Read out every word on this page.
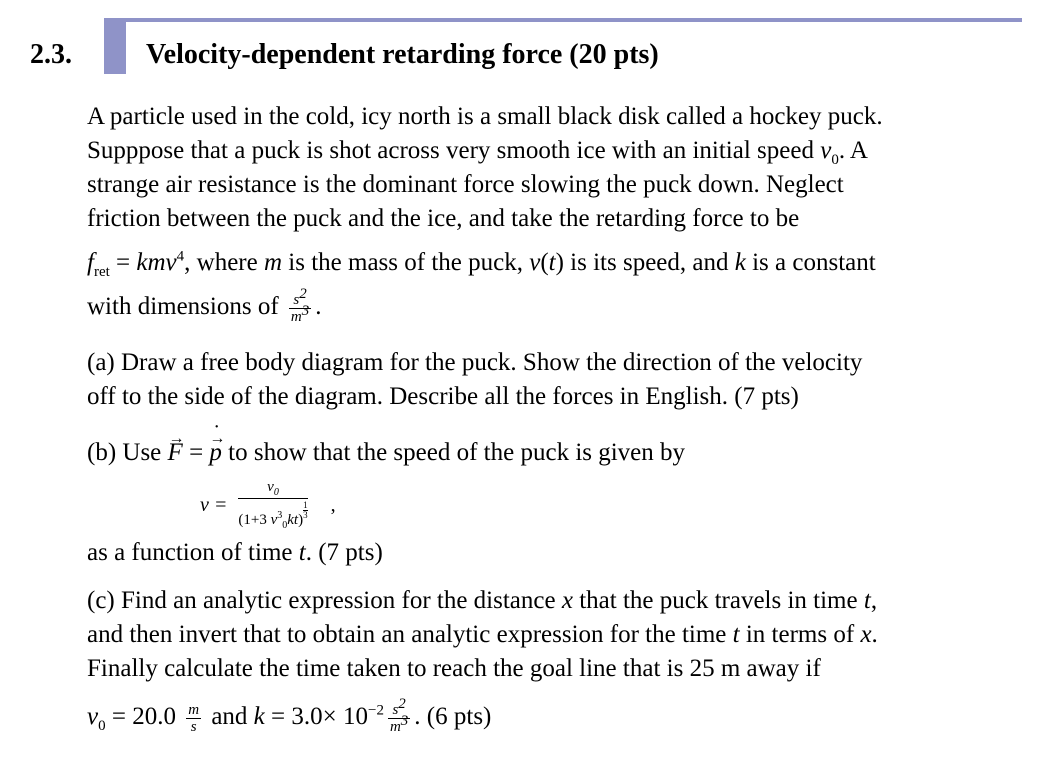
2.3.	Velocity-dependent retarding force (20 pts)
A particle used in the cold, icy north is a small black disk called a hockey puck.
Supppose that a puck is shot across very smooth ice with an initial speed $v_0$. A
strange air resistance is the dominant force slowing the puck down. Neglect
friction between the puck and the ice, and take the retarding force to be
$f_{ret} = kmv^4$, where m is the mass of the puck, v(t) is its speed, and k is a constant
with dimensions of $\frac{s^2}{m^3}$ .
(a) Draw a free body diagram for the puck. Show the direction of the velocity
off to the side of the diagram. Describe all the forces in English. (7 pts)
(b) Use → F = → p · to show that the speed of the puck is given by
$v = \frac{v_0}{(1+3 v^3_0kt) \frac{1}{3}}$ ,
as a function of time t. (7 pts)
(c) Find an analytic expression for the distance x that the puck travels in time t,
and then invert that to obtain an analytic expression for the time t in terms of x.
Finally calculate the time taken to reach the goal line that is 25 m away if
$v_0 = 20.0 \frac{m}{s}$ and $k = 3.0\times 10^{-2} \frac{s^2}{m^3}$ . (6 pts)
